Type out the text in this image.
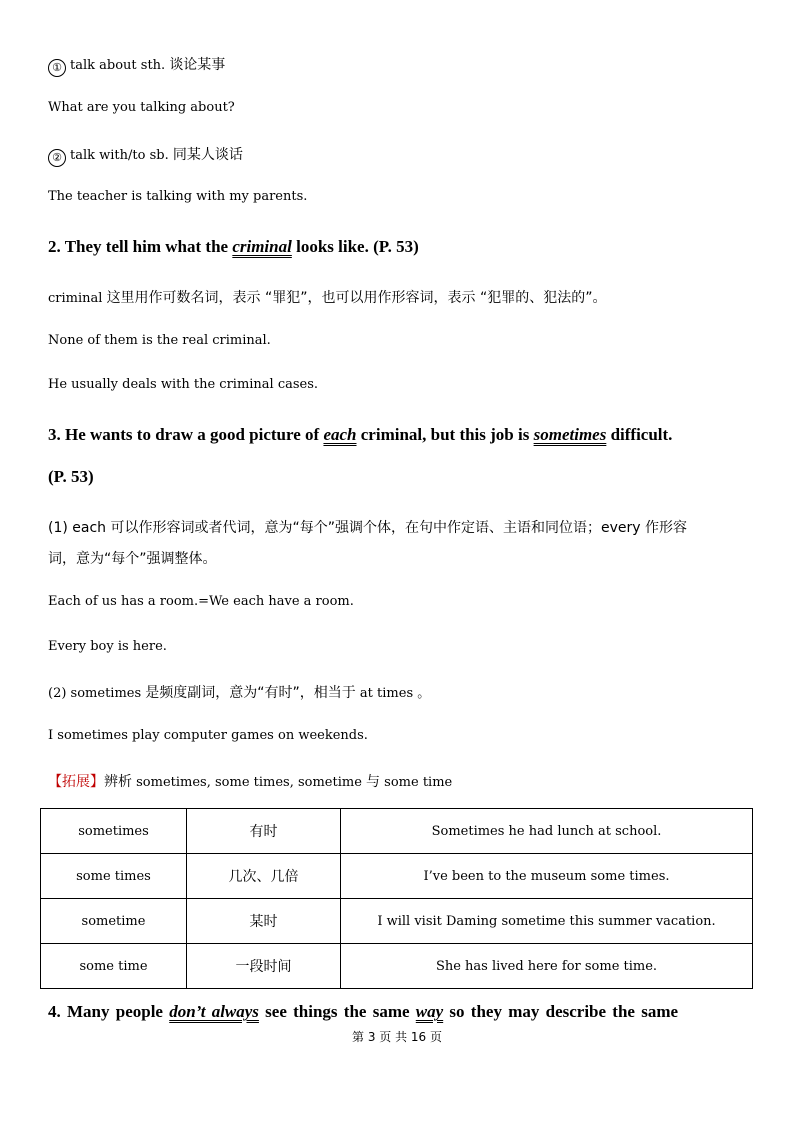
① talk about sth. 谈论某事
What are you talking about?
② talk with/to sb. 同某人谈话
The teacher is talking with my parents.
2. They tell him what the criminal looks like. (P. 53)
criminal 这里用作可数名词，表示 “罪犯”，也可以用作形容词，表示 “犯罪的、犯法的”。
None of them is the real criminal.
He usually deals with the criminal cases.
3. He wants to draw a good picture of each criminal, but this job is sometimes difficult.
(P. 53)
(1) each 可以作形容词或者代词，意为“每个”强调个体，在句中作定语、主语和同位语；every 作形容
词，意为“每个”强调整体。
Each of us has a room.=We each have a room.
Every boy is here.
(2) sometimes 是频度副词，意为“有时”，相当于 at times 。
I sometimes play computer games on weekends.
【拓展】辨析 sometimes, some times, sometime 与 some time
sometimes	有时	Sometimes he had lunch at school.
some times	几次、几倍	I’ve been to the museum some times.
sometime	某时	I will visit Daming sometime this summer vacation.
some time	一段时间	She has lived here for some time.
4. Many people don’t always see things the same way so they may describe the same
第 3 页 共 16 页
